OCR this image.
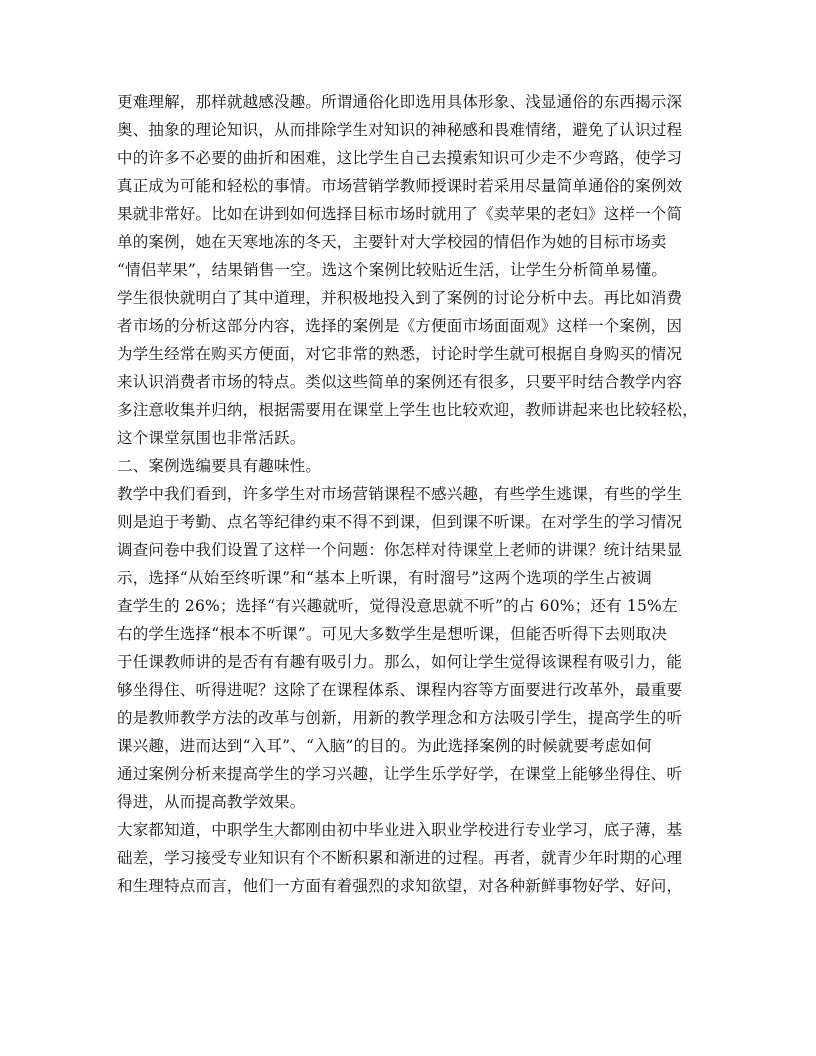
更难理解，那样就越感没趣。所谓通俗化即选用具体形象、浅显通俗的东西揭示深
奥、抽象的理论知识，从而排除学生对知识的神秘感和畏难情绪，避免了认识过程
中的许多不必要的曲折和困难，这比学生自己去摸索知识可少走不少弯路，使学习
真正成为可能和轻松的事情。市场营销学教师授课时若采用尽量简单通俗的案例效
果就非常好。比如在讲到如何选择目标市场时就用了《卖苹果的老妇》这样一个简
单的案例，她在天寒地冻的冬天，主要针对大学校园的情侣作为她的目标市场卖
“情侣苹果”，结果销售一空。选这个案例比较贴近生活，让学生分析简单易懂。
学生很快就明白了其中道理，并积极地投入到了案例的讨论分析中去。再比如消费
者市场的分析这部分内容，选择的案例是《方便面市场面面观》这样一个案例，因
为学生经常在购买方便面，对它非常的熟悉，讨论时学生就可根据自身购买的情况
来认识消费者市场的特点。类似这些简单的案例还有很多，只要平时结合教学内容
多注意收集并归纳，根据需要用在课堂上学生也比较欢迎，教师讲起来也比较轻松，
这个课堂氛围也非常活跃。
二、案例选编要具有趣味性。
教学中我们看到，许多学生对市场营销课程不感兴趣，有些学生逃课，有些的学生
则是迫于考勤、点名等纪律约束不得不到课，但到课不听课。在对学生的学习情况
调查问卷中我们设置了这样一个问题：你怎样对待课堂上老师的讲课？统计结果显
示，选择“从始至终听课”和“基本上听课，有时溜号”这两个选项的学生占被调
查学生的 26%；选择“有兴趣就听，觉得没意思就不听”的占 60%；还有 15%左
右的学生选择“根本不听课”。可见大多数学生是想听课，但能否听得下去则取决
于任课教师讲的是否有有趣有吸引力。那么，如何让学生觉得该课程有吸引力，能
够坐得住、听得进呢？这除了在课程体系、课程内容等方面要进行改革外，最重要
的是教师教学方法的改革与创新，用新的教学理念和方法吸引学生，提高学生的听
课兴趣，进而达到“入耳”、“入脑”的目的。为此选择案例的时候就要考虑如何
通过案例分析来提高学生的学习兴趣，让学生乐学好学，在课堂上能够坐得住、听
得进，从而提高教学效果。
大家都知道，中职学生大都刚由初中毕业进入职业学校进行专业学习，底子薄，基
础差，学习接受专业知识有个不断积累和渐进的过程。再者，就青少年时期的心理
和生理特点而言，他们一方面有着强烈的求知欲望，对各种新鲜事物好学、好问，
